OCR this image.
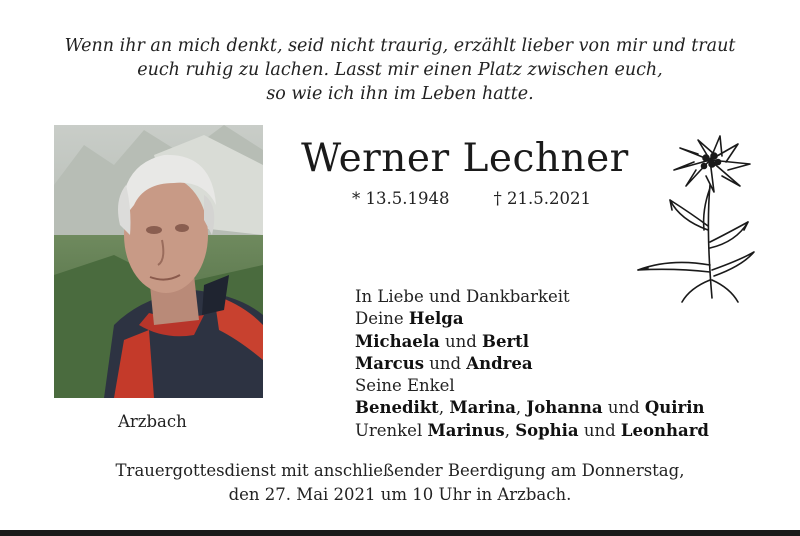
Wenn ihr an mich denkt, seid nicht traurig, erzählt lieber von mir und traut
euch ruhig zu lachen. Lasst mir einen Platz zwischen euch,
so wie ich ihn im Leben hatte.
Arzbach
Werner Lechner
* 13.5.1948	† 21.5.2021
In Liebe und Dankbarkeit
Deine Helga
Michaela und Bertl
Marcus und Andrea
Seine Enkel
Benedikt, Marina, Johanna und Quirin
Urenkel Marinus, Sophia und Leonhard
Trauergottesdienst mit anschließender Beerdigung am Donnerstag,
den 27. Mai 2021 um 10 Uhr in Arzbach.
